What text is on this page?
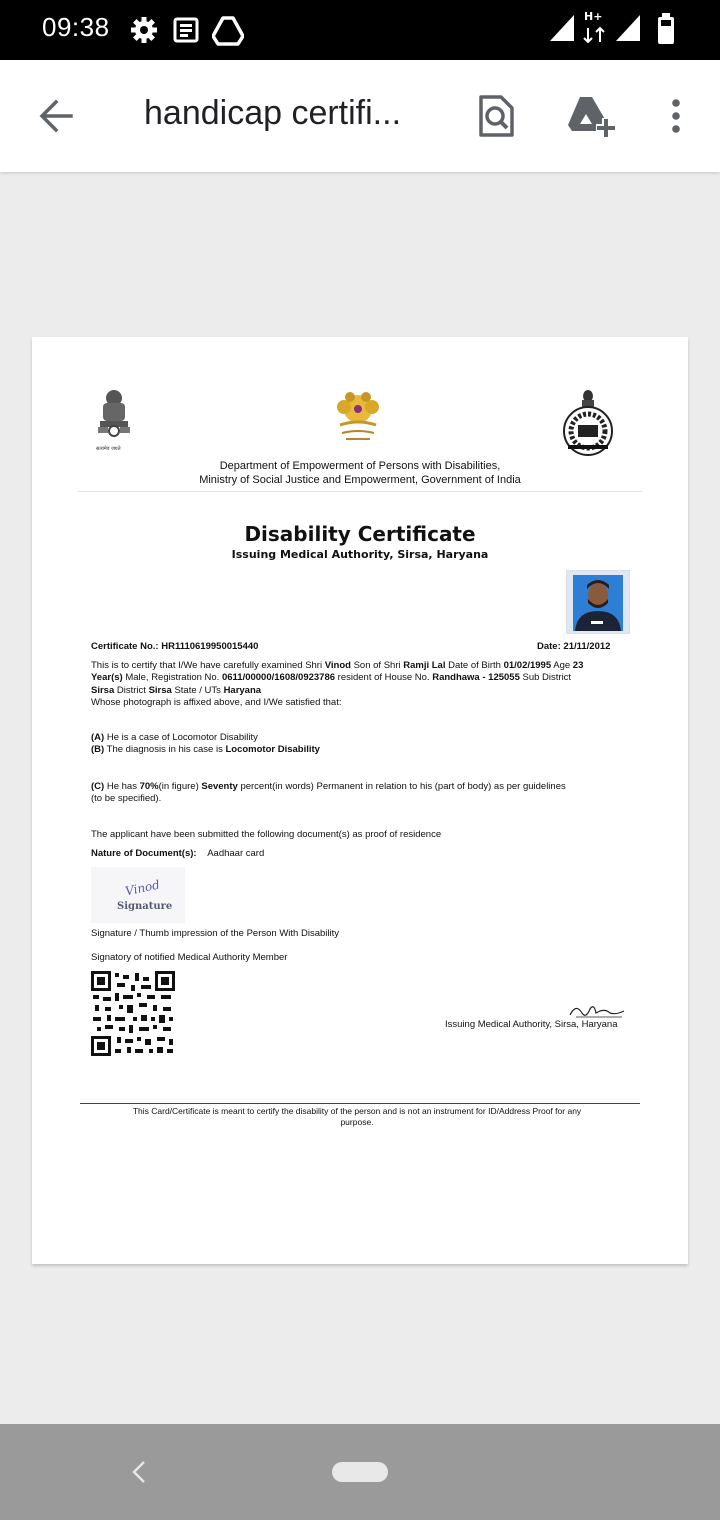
09:38	H+
handicap certifi...
सत्यमेव जयते
Department of Empowerment of Persons with Disabilities,
Ministry of Social Justice and Empowerment, Government of India
Disability Certificate
Issuing Medical Authority, Sirsa, Haryana
Certificate No.: HR1110619950015440	Date: 21/11/2012
This is to certify that I/We have carefully examined Shri Vinod Son of Shri Ramji Lal Date of Birth 01/02/1995 Age 23
Year(s) Male, Registration No. 0611/00000/1608/0923786 resident of House No. Randhawa - 125055 Sub District
Sirsa District Sirsa State / UTs Haryana
Whose photograph is affixed above, and I/We satisfied that:
(A) He is a case of Locomotor Disability
(B) The diagnosis in his case is Locomotor Disability
(C) He has 70%(in figure) Seventy percent(in words) Permanent in relation to his (part of body) as per guidelines
(to be specified).
The applicant have been submitted the following document(s) as proof of residence
Nature of Document(s): Aadhaar card
Vinod
Signature
Signature / Thumb impression of the Person With Disability
Signatory of notified Medical Authority Member
Issuing Medical Authority, Sirsa, Haryana
This Card/Certificate is meant to certify the disability of the person and is not an instrument for ID/Address Proof for any
purpose.
